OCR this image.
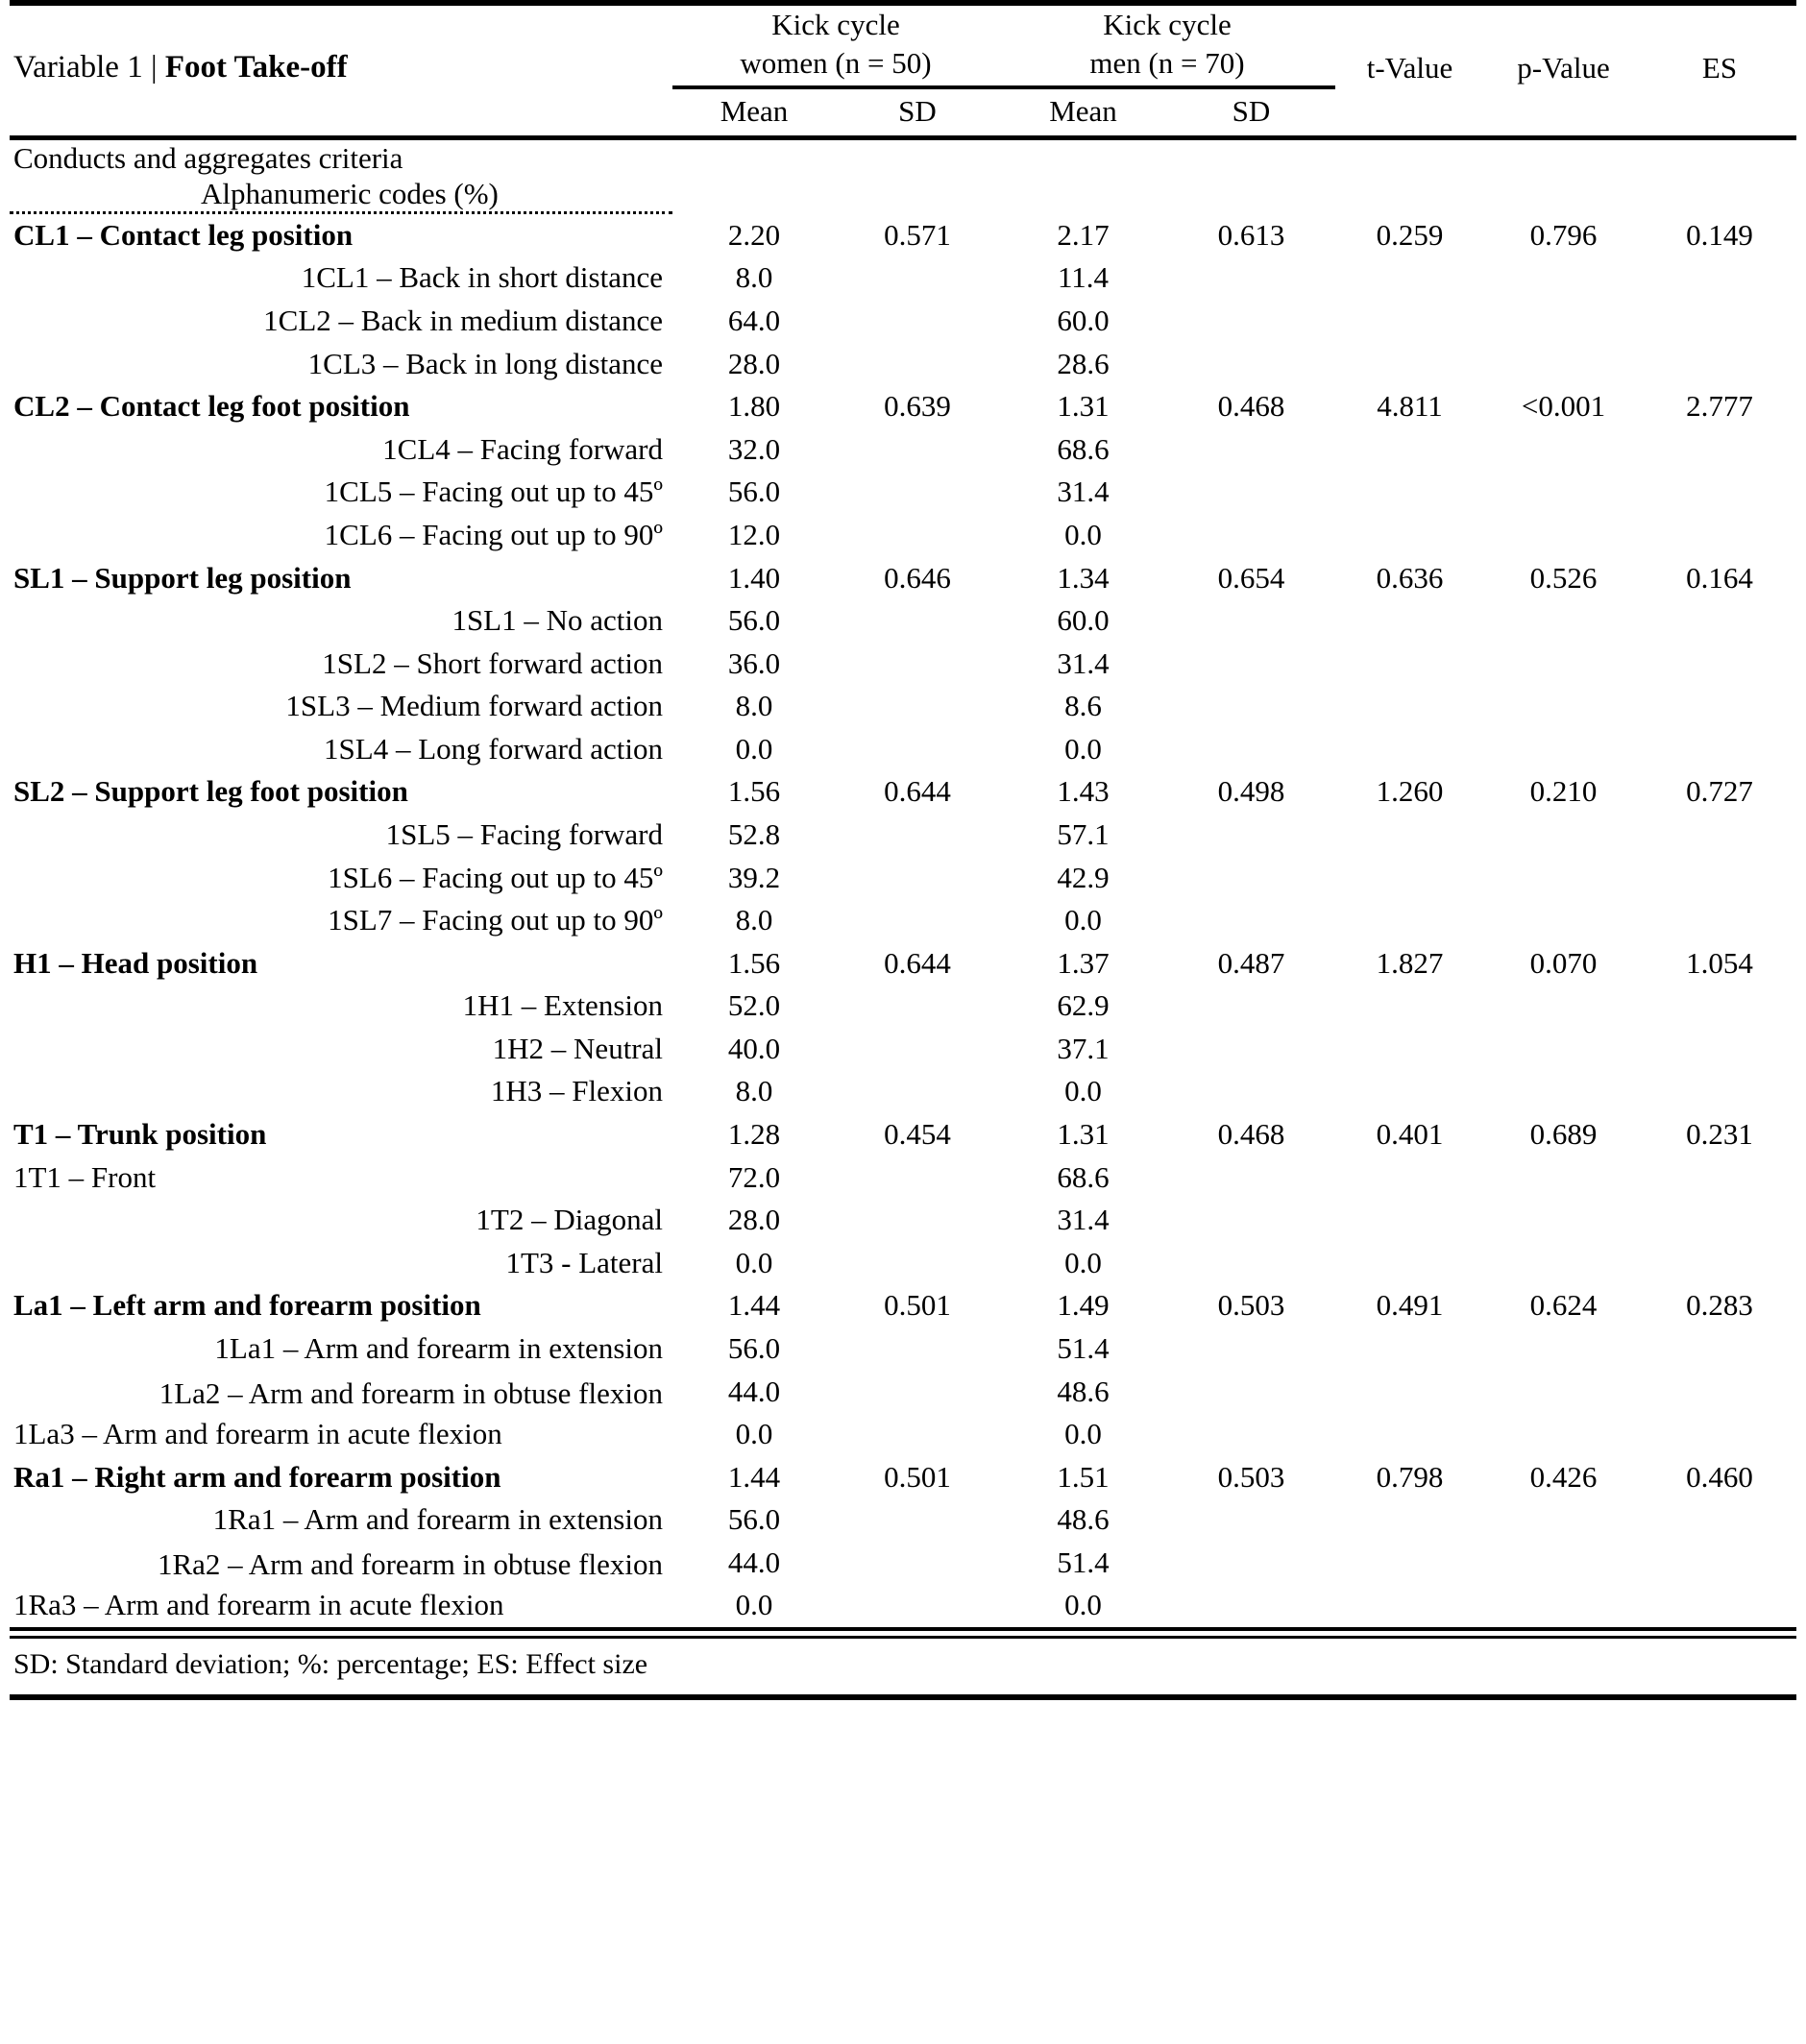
Variable 1 | Foot Take-off	Kick cycle
women (n = 50)		Kick cycle
men (n = 70)		t-Value	p-Value	ES
	Mean	SD	Mean	SD			

Conducts and aggregates criteria
Alphanumeric codes (%)							

CL1 – Contact leg position	2.20	0.571	2.17	0.613	0.259	0.796	0.149
1CL1 – Back in short distance	8.0		11.4				
1CL2 – Back in medium distance	64.0		60.0				
1CL3 – Back in long distance	28.0		28.6				
CL2 – Contact leg foot position	1.80	0.639	1.31	0.468	4.811	<0.001	2.777
1CL4 – Facing forward	32.0		68.6				
1CL5 – Facing out up to 45º	56.0		31.4				
1CL6 – Facing out up to 90º	12.0		0.0				
SL1 – Support leg position	1.40	0.646	1.34	0.654	0.636	0.526	0.164
1SL1 – No action	56.0		60.0				
1SL2 – Short forward action	36.0		31.4				
1SL3 – Medium forward action	8.0		8.6				
1SL4 – Long forward action	0.0		0.0				
SL2 – Support leg foot position	1.56	0.644	1.43	0.498	1.260	0.210	0.727
1SL5 – Facing forward	52.8		57.1				
1SL6 – Facing out up to 45º	39.2		42.9				
1SL7 – Facing out up to 90º	8.0		0.0				
H1 – Head position	1.56	0.644	1.37	0.487	1.827	0.070	1.054
1H1 – Extension	52.0		62.9				
1H2 – Neutral	40.0		37.1				
1H3 – Flexion	8.0		0.0				
T1 – Trunk position	1.28	0.454	1.31	0.468	0.401	0.689	0.231
1T1 – Front	72.0		68.6				
1T2 – Diagonal	28.0		31.4				
1T3 - Lateral	0.0		0.0				
La1 – Left arm and forearm position	1.44	0.501	1.49	0.503	0.491	0.624	0.283
1La1 – Arm and forearm in extension	56.0		51.4				
1La2 – Arm and forearm in obtuse flexion	44.0		48.6				
1La3 – Arm and forearm in acute flexion	0.0		0.0				
Ra1 – Right arm and forearm position	1.44	0.501	1.51	0.503	0.798	0.426	0.460
1Ra1 – Arm and forearm in extension	56.0		48.6				
1Ra2 – Arm and forearm in obtuse flexion	44.0		51.4				
1Ra3 – Arm and forearm in acute flexion	0.0		0.0				

SD: Standard deviation; %: percentage; ES: Effect size							
